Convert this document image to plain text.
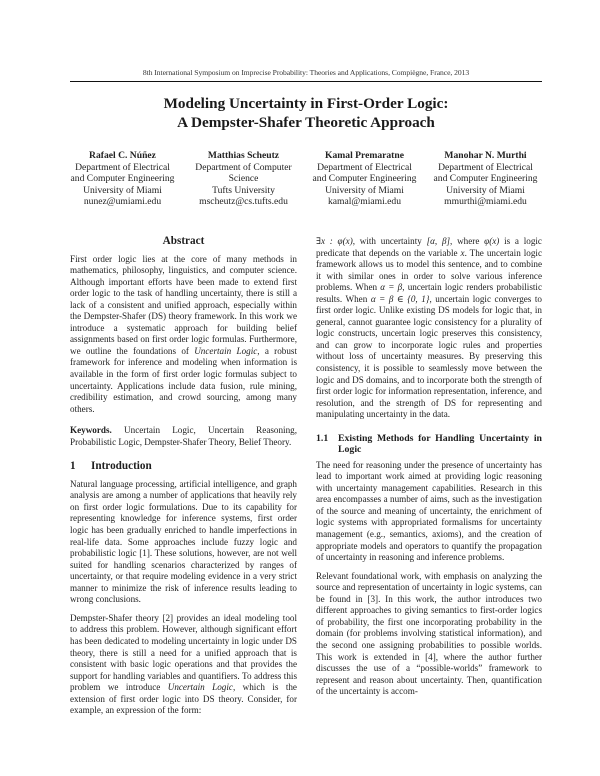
8th International Symposium on Imprecise Probability: Theories and Applications, Compiègne, France, 2013
Modeling Uncertainty in First-Order Logic:
A Dempster-Shafer Theoretic Approach
Rafael C. Núñez
Department of Electrical
and Computer Engineering
University of Miami
nunez@umiami.edu
Matthias Scheutz
Department of Computer
Science
Tufts University
mscheutz@cs.tufts.edu
Kamal Premaratne
Department of Electrical
and Computer Engineering
University of Miami
kamal@miami.edu
Manohar N. Murthi
Department of Electrical
and Computer Engineering
University of Miami
mmurthi@miami.edu
Abstract

First order logic lies at the core of many methods in mathematics, philosophy, linguistics, and computer science. Although important efforts have been made to extend first order logic to the task of handling uncertainty, there is still a lack of a consistent and unified approach, especially within the Dempster-Shafer (DS) theory framework. In this work we introduce a systematic approach for building belief assignments based on first order logic formulas. Furthermore, we outline the foundations of Uncertain Logic, a robust framework for inference and modeling when information is available in the form of first order logic formulas subject to uncertainty. Applications include data fusion, rule mining, credibility estimation, and crowd sourcing, among many others.

Keywords. Uncertain Logic, Uncertain Reasoning, Probabilistic Logic, Dempster-Shafer Theory, Belief Theory.

1	Introduction

Natural language processing, artificial intelligence, and graph analysis are among a number of applications that heavily rely on first order logic formulations. Due to its capability for representing knowledge for inference systems, first order logic has been gradually enriched to handle imperfections in real-life data. Some approaches include fuzzy logic and probabilistic logic [1]. These solutions, however, are not well suited for handling scenarios characterized by ranges of uncertainty, or that require modeling evidence in a very strict manner to minimize the risk of inference results leading to wrong conclusions.

Dempster-Shafer theory [2] provides an ideal modeling tool to address this problem. However, although significant effort has been dedicated to modeling uncertainty in logic under DS theory, there is still a need for a unified approach that is consistent with basic logic operations and that provides the support for handling variables and quantifiers. To address this problem we introduce Uncertain Logic, which is the extension of first order logic into DS theory. Consider, for example, an expression of the form:

∃x : φ(x), with uncertainty [α, β], where φ(x) is a logic predicate that depends on the variable x. The uncertain logic framework allows us to model this sentence, and to combine it with similar ones in order to solve various inference problems. When α = β, uncertain logic renders probabilistic results. When α = β ∈ {0, 1}, uncertain logic converges to first order logic. Unlike existing DS models for logic that, in general, cannot guarantee logic consistency for a plurality of logic constructs, uncertain logic preserves this consistency, and can grow to incorporate logic rules and properties without loss of uncertainty measures. By preserving this consistency, it is possible to seamlessly move between the logic and DS domains, and to incorporate both the strength of first order logic for information representation, inference, and resolution, and the strength of DS for representing and manipulating uncertainty in the data.

1.1 Existing Methods for Handling Uncertainty in Logic

The need for reasoning under the presence of uncertainty has lead to important work aimed at providing logic reasoning with uncertainty management capabilities. Research in this area encompasses a number of aims, such as the investigation of the source and meaning of uncertainty, the enrichment of logic systems with appropriated formalisms for uncertainty management (e.g., semantics, axioms), and the creation of appropriate models and operators to quantify the propagation of uncertainty in reasoning and inference problems.

Relevant foundational work, with emphasis on analyzing the source and representation of uncertainty in logic systems, can be found in [3]. In this work, the author introduces two different approaches to giving semantics to first-order logics of probability, the first one incorporating probability in the domain (for problems involving statistical information), and the second one assigning probabilities to possible worlds. This work is extended in [4], where the author further discusses the use of a “possible-worlds” framework to represent and reason about uncertainty. Then, quantification of the uncertainty is accom-
